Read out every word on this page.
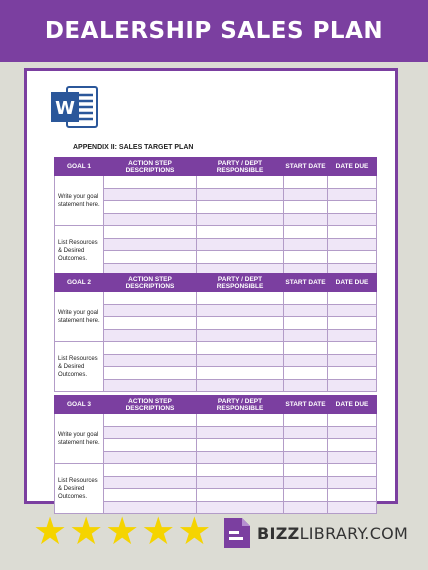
DEALERSHIP SALES PLAN
W
APPENDIX II: SALES TARGET PLAN
GOAL 1	ACTION STEP DESCRIPTIONS	PARTY / DEPT RESPONSIBLE	START DATE	DATE DUE
Write your goal statement here.				

List Resources & Desired Outcomes.				

GOAL 2	ACTION STEP DESCRIPTIONS	PARTY / DEPT RESPONSIBLE	START DATE	DATE DUE
Write your goal statement here.				

List Resources & Desired Outcomes.				

GOAL 3	ACTION STEP DESCRIPTIONS	PARTY / DEPT RESPONSIBLE	START DATE	DATE DUE
Write your goal statement here.				

List Resources & Desired Outcomes.				

★ ★ ★ ★ ★	BIZZLIBRARY.COM
